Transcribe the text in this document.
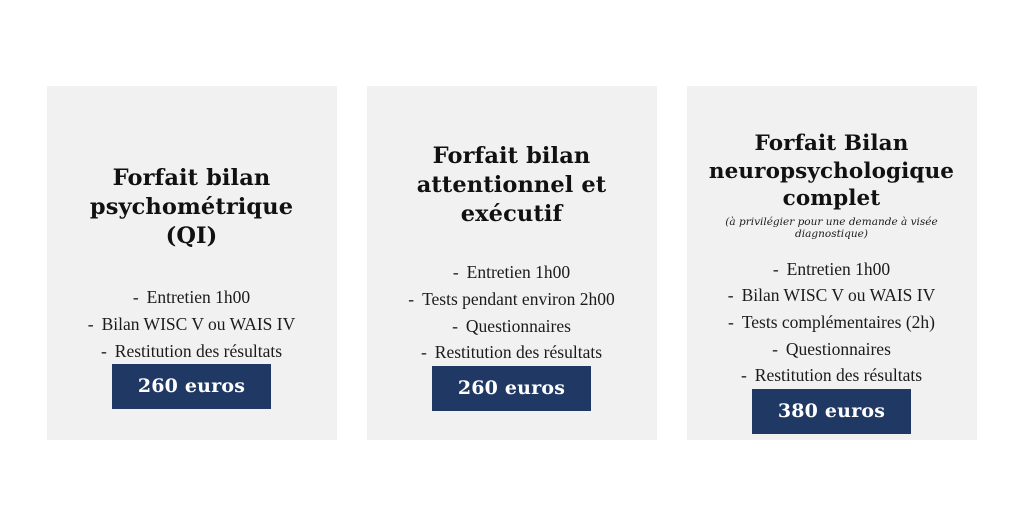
Forfait bilan psychométrique (QI)
- Entretien 1h00
- Bilan WISC V ou WAIS IV
- Restitution des résultats
260 euros
Forfait bilan attentionnel et exécutif
- Entretien 1h00
- Tests pendant environ 2h00
- Questionnaires
- Restitution des résultats
260 euros
Forfait Bilan neuropsychologique complet

(à privilégier pour une demande à visée diagnostique)

- Entretien 1h00
- Bilan WISC V ou WAIS IV
- Tests complémentaires (2h)
- Questionnaires
- Restitution des résultats
380 euros
